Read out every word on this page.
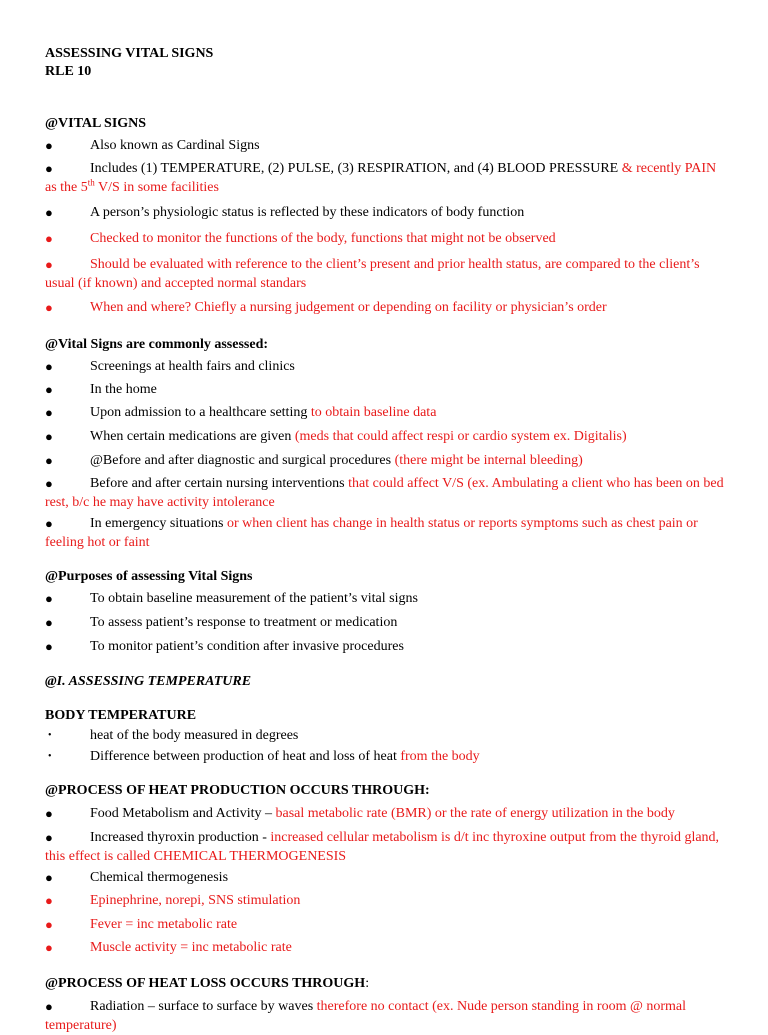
ASSESSING VITAL SIGNS
RLE 10
@VITAL SIGNS
●	Also known as Cardinal Signs
●	Includes (1) TEMPERATURE, (2) PULSE, (3) RESPIRATION, and (4) BLOOD PRESSURE & recently PAIN as the 5th V/S in some facilities
●	A person’s physiologic status is reflected by these indicators of body function
●	Checked to monitor the functions of the body, functions that might not be observed
●	Should be evaluated with reference to the client’s present and prior health status, are compared to the client’s usual (if known) and accepted normal standars
●	When and where? Chiefly a nursing judgement or depending on facility or physician’s order
@Vital Signs are commonly assessed:
●	Screenings at health fairs and clinics
●	In the home
●	Upon admission to a healthcare setting to obtain baseline data
●	When certain medications are given (meds that could affect respi or cardio system ex. Digitalis)
●	@Before and after diagnostic and surgical procedures (there might be internal bleeding)
●	Before and after certain nursing interventions that could affect V/S (ex. Ambulating a client who has been on bed rest, b/c he may have activity intolerance
●	In emergency situations or when client has change in health status or reports symptoms such as chest pain or feeling hot or faint
@Purposes of assessing Vital Signs
●	To obtain baseline measurement of the patient’s vital signs
●	To assess patient’s response to treatment or medication
●	To monitor patient’s condition after invasive procedures
@I. ASSESSING TEMPERATURE
BODY TEMPERATURE
•	heat of the body measured in degrees
•	Difference between production of heat and loss of heat from the body
@PROCESS OF HEAT PRODUCTION OCCURS THROUGH:
●	Food Metabolism and Activity – basal metabolic rate (BMR) or the rate of energy utilization in the body
●	Increased thyroxin production - increased cellular metabolism is d/t inc thyroxine output from the thyroid gland, this effect is called CHEMICAL THERMOGENESIS
●	Chemical thermogenesis
●	Epinephrine, norepi, SNS stimulation
●	Fever = inc metabolic rate
●	Muscle activity = inc metabolic rate
@PROCESS OF HEAT LOSS OCCURS THROUGH:
●	Radiation – surface to surface by waves therefore no contact (ex. Nude person standing in room @ normal temperature)
